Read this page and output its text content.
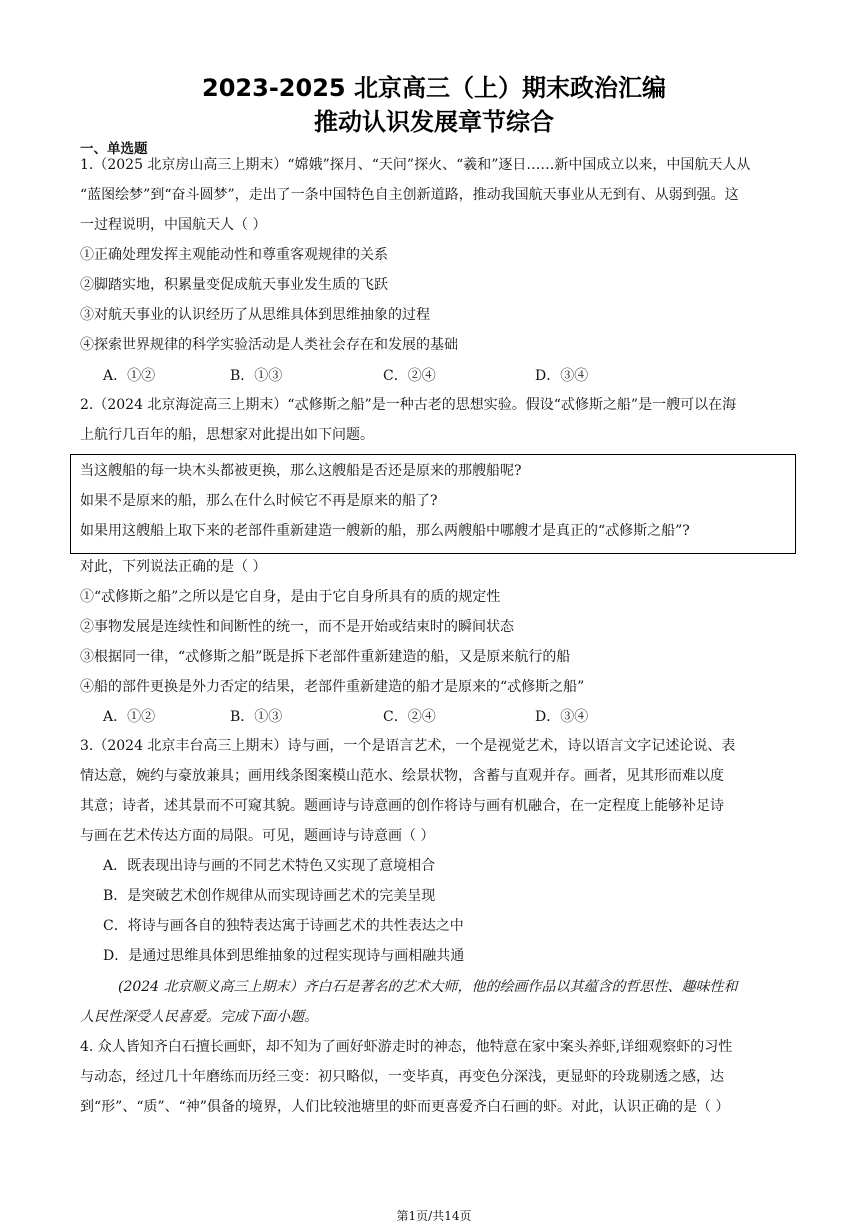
2023-2025 北京高三（上）期末政治汇编
推动认识发展章节综合
一、单选题
1.（2025 北京房山高三上期末）“嫦娥”探月、“天问”探火、“羲和”逐日……新中国成立以来，中国航天人从
“蓝图绘梦”到“奋斗圆梦”，走出了一条中国特色自主创新道路，推动我国航天事业从无到有、从弱到强。这
一过程说明，中国航天人（ ）
①正确处理发挥主观能动性和尊重客观规律的关系
②脚踏实地，积累量变促成航天事业发生质的飞跃
③对航天事业的认识经历了从思维具体到思维抽象的过程
④探索世界规律的科学实验活动是人类社会存在和发展的基础
A．①②	B．①③	C．②④	D．③④
2.（2024 北京海淀高三上期末）“忒修斯之船”是一种古老的思想实验。假设“忒修斯之船”是一艘可以在海
上航行几百年的船，思想家对此提出如下问题。
当这艘船的每一块木头都被更换，那么这艘船是否还是原来的那艘船呢?
如果不是原来的船，那么在什么时候它不再是原来的船了?
如果用这艘船上取下来的老部件重新建造一艘新的船，那么两艘船中哪艘才是真正的“忒修斯之船”?
对此，下列说法正确的是（ ）
①“忒修斯之船”之所以是它自身，是由于它自身所具有的质的规定性
②事物发展是连续性和间断性的统一，而不是开始或结束时的瞬间状态
③根据同一律，“忒修斯之船”既是拆下老部件重新建造的船，又是原来航行的船
④船的部件更换是外力否定的结果，老部件重新建造的船才是原来的“忒修斯之船”
A．①②	B．①③	C．②④	D．③④
3.（2024 北京丰台高三上期末）诗与画，一个是语言艺术，一个是视觉艺术，诗以语言文字记述论说、表
情达意，婉约与豪放兼具；画用线条图案模山范水、绘景状物，含蓄与直观并存。画者，见其形而难以度
其意；诗者，述其景而不可窥其貌。题画诗与诗意画的创作将诗与画有机融合，在一定程度上能够补足诗
与画在艺术传达方面的局限。可见，题画诗与诗意画（ ）
A．既表现出诗与画的不同艺术特色又实现了意境相合
B．是突破艺术创作规律从而实现诗画艺术的完美呈现
C．将诗与画各自的独特表达寓于诗画艺术的共性表达之中
D．是通过思维具体到思维抽象的过程实现诗与画相融共通
(2024 北京顺义高三上期末）齐白石是著名的艺术大师，他的绘画作品以其蕴含的哲思性、趣味性和
人民性深受人民喜爱。完成下面小题。
4. 众人皆知齐白石擅长画虾，却不知为了画好虾游走时的神态，他特意在家中案头养虾,详细观察虾的习性
与动态，经过几十年磨练而历经三变：初只略似，一变毕真，再变色分深浅，更显虾的玲珑剔透之感，达
到“形”、“质”、“神”俱备的境界，人们比较池塘里的虾而更喜爱齐白石画的虾。对此，认识正确的是（ ）
第1页/共14页
